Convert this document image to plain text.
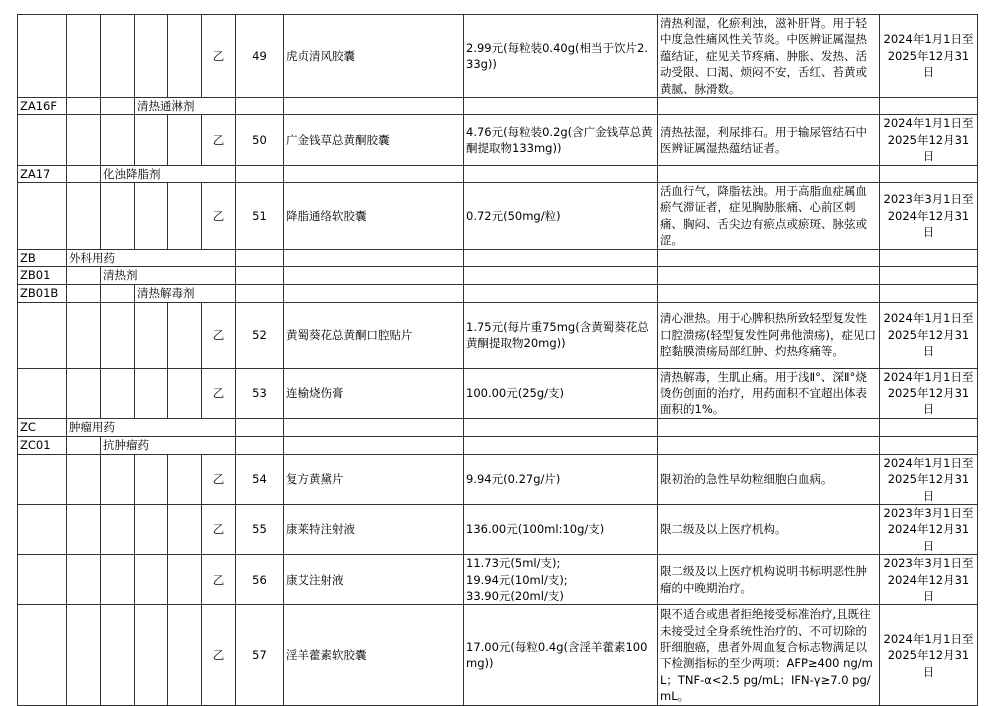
					乙	49	虎贞清风胶囊	2.99元(每粒装0.40g(相当于饮片2.33g))	清热利湿，化瘀利浊，滋补肝肾。用于轻中度急性痛风性关节炎。中医辨证属湿热蕴结证，症见关节疼痛、肿胀、发热、活动受限、口渴、烦闷不安，舌红、苔黄或黄腻、脉滑数。	2024年1月1日至
2025年12月31日
ZA16F			清热通淋剂							
					乙	50	广金钱草总黄酮胶囊	4.76元(每粒装0.2g(含广金钱草总黄酮提取物133mg))	清热祛湿，利尿排石。用于输尿管结石中医辨证属湿热蕴结证者。	2024年1月1日至
2025年12月31日
ZA17		化浊降脂剂								
					乙	51	降脂通络软胶囊	0.72元(50mg/粒)	活血行气，降脂祛浊。用于高脂血症属血瘀气滞证者，症见胸胁胀痛、心前区刺痛、胸闷、舌尖边有瘀点或瘀斑、脉弦或涩。	2023年3月1日至
2024年12月31日
ZB	外科用药									
ZB01		清热剂								
ZB01B			清热解毒剂							
					乙	52	黄蜀葵花总黄酮口腔贴片	1.75元(每片重75mg(含黄蜀葵花总黄酮提取物20mg))	清心泄热。用于心脾积热所致轻型复发性口腔溃疡(轻型复发性阿弗他溃疡)，症见口腔黏膜溃疡局部红肿、灼热疼痛等。	2024年1月1日至
2025年12月31日
					乙	53	连榆烧伤膏	100.00元(25g/支)	清热解毒，生肌止痛。用于浅Ⅱ°、深Ⅱ°烧烫伤创面的治疗，用药面积不宜超出体表面积的1%。	2024年1月1日至
2025年12月31日
ZC	肿瘤用药									
ZC01		抗肿瘤药								
					乙	54	复方黄黛片	9.94元(0.27g/片)	限初治的急性早幼粒细胞白血病。	2024年1月1日至
2025年12月31日
					乙	55	康莱特注射液	136.00元(100ml:10g/支)	限二级及以上医疗机构。	2023年3月1日至
2024年12月31日
					乙	56	康艾注射液	11.73元(5ml/支);
19.94元(10ml/支);
33.90元(20ml/支)	限二级及以上医疗机构说明书标明恶性肿瘤的中晚期治疗。	2023年3月1日至
2024年12月31日
					乙	57	淫羊藿素软胶囊	17.00元(每粒0.4g(含淫羊藿素100mg))	限不适合或患者拒绝接受标准治疗,且既往未接受过全身系统性治疗的、不可切除的肝细胞癌，患者外周血复合标志物满足以下检测指标的至少两项：AFP≥400 ng/mL；TNF-α<2.5 pg/mL；IFN-γ≥7.0 pg/mL。	2024年1月1日至
2025年12月31日
